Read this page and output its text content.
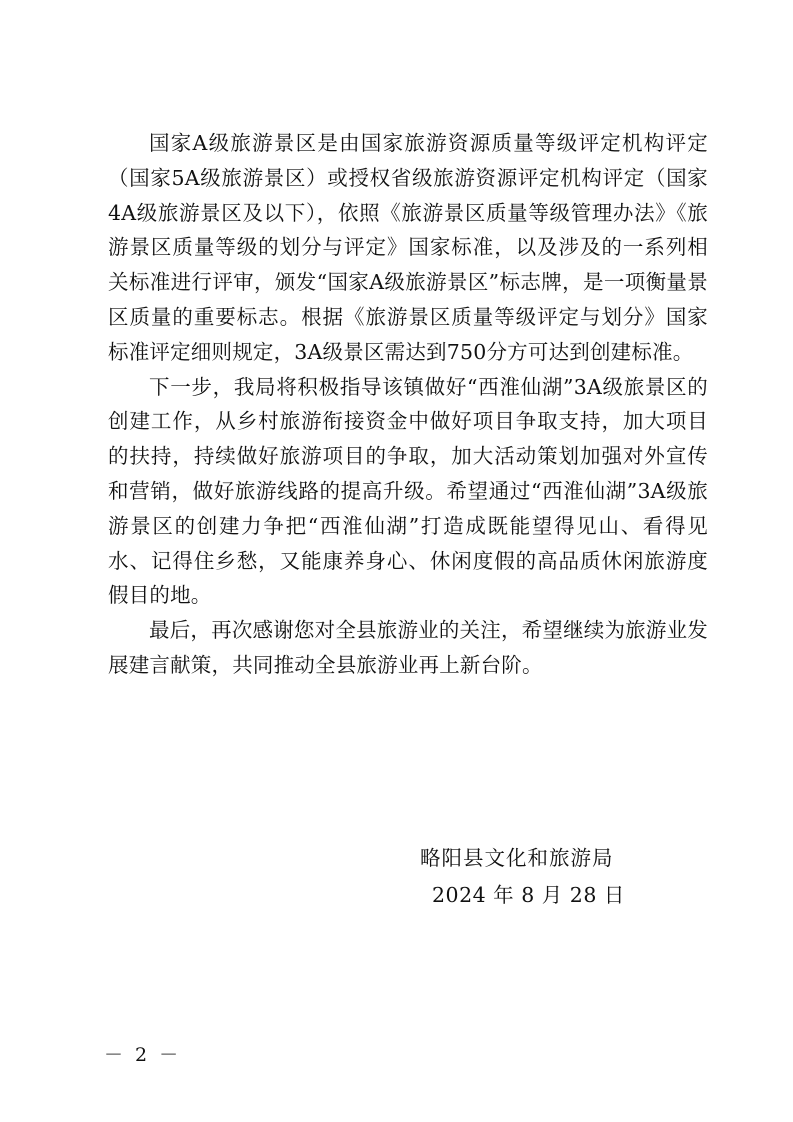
国家A级旅游景区是由国家旅游资源质量等级评定机构评定（国家5A级旅游景区）或授权省级旅游资源评定机构评定（国家4A级旅游景区及以下），依照《旅游景区质量等级管理办法》《旅游景区质量等级的划分与评定》国家标准，以及涉及的一系列相关标准进行评审，颁发“国家A级旅游景区”标志牌，是一项衡量景区质量的重要标志。根据《旅游景区质量等级评定与划分》国家标准评定细则规定，3A级景区需达到750分方可达到创建标准。

下一步，我局将积极指导该镇做好“西淮仙湖”3A级旅景区的创建工作，从乡村旅游衔接资金中做好项目争取支持，加大项目的扶持，持续做好旅游项目的争取，加大活动策划加强对外宣传和营销，做好旅游线路的提高升级。希望通过“西淮仙湖”3A级旅游景区的创建力争把“西淮仙湖”打造成既能望得见山、看得见水、记得住乡愁，又能康养身心、休闲度假的高品质休闲旅游度假目的地。

最后，再次感谢您对全县旅游业的关注，希望继续为旅游业发展建言献策，共同推动全县旅游业再上新台阶。

略阳县文化和旅游局
2024 年 8 月 28 日
－ 2 －
